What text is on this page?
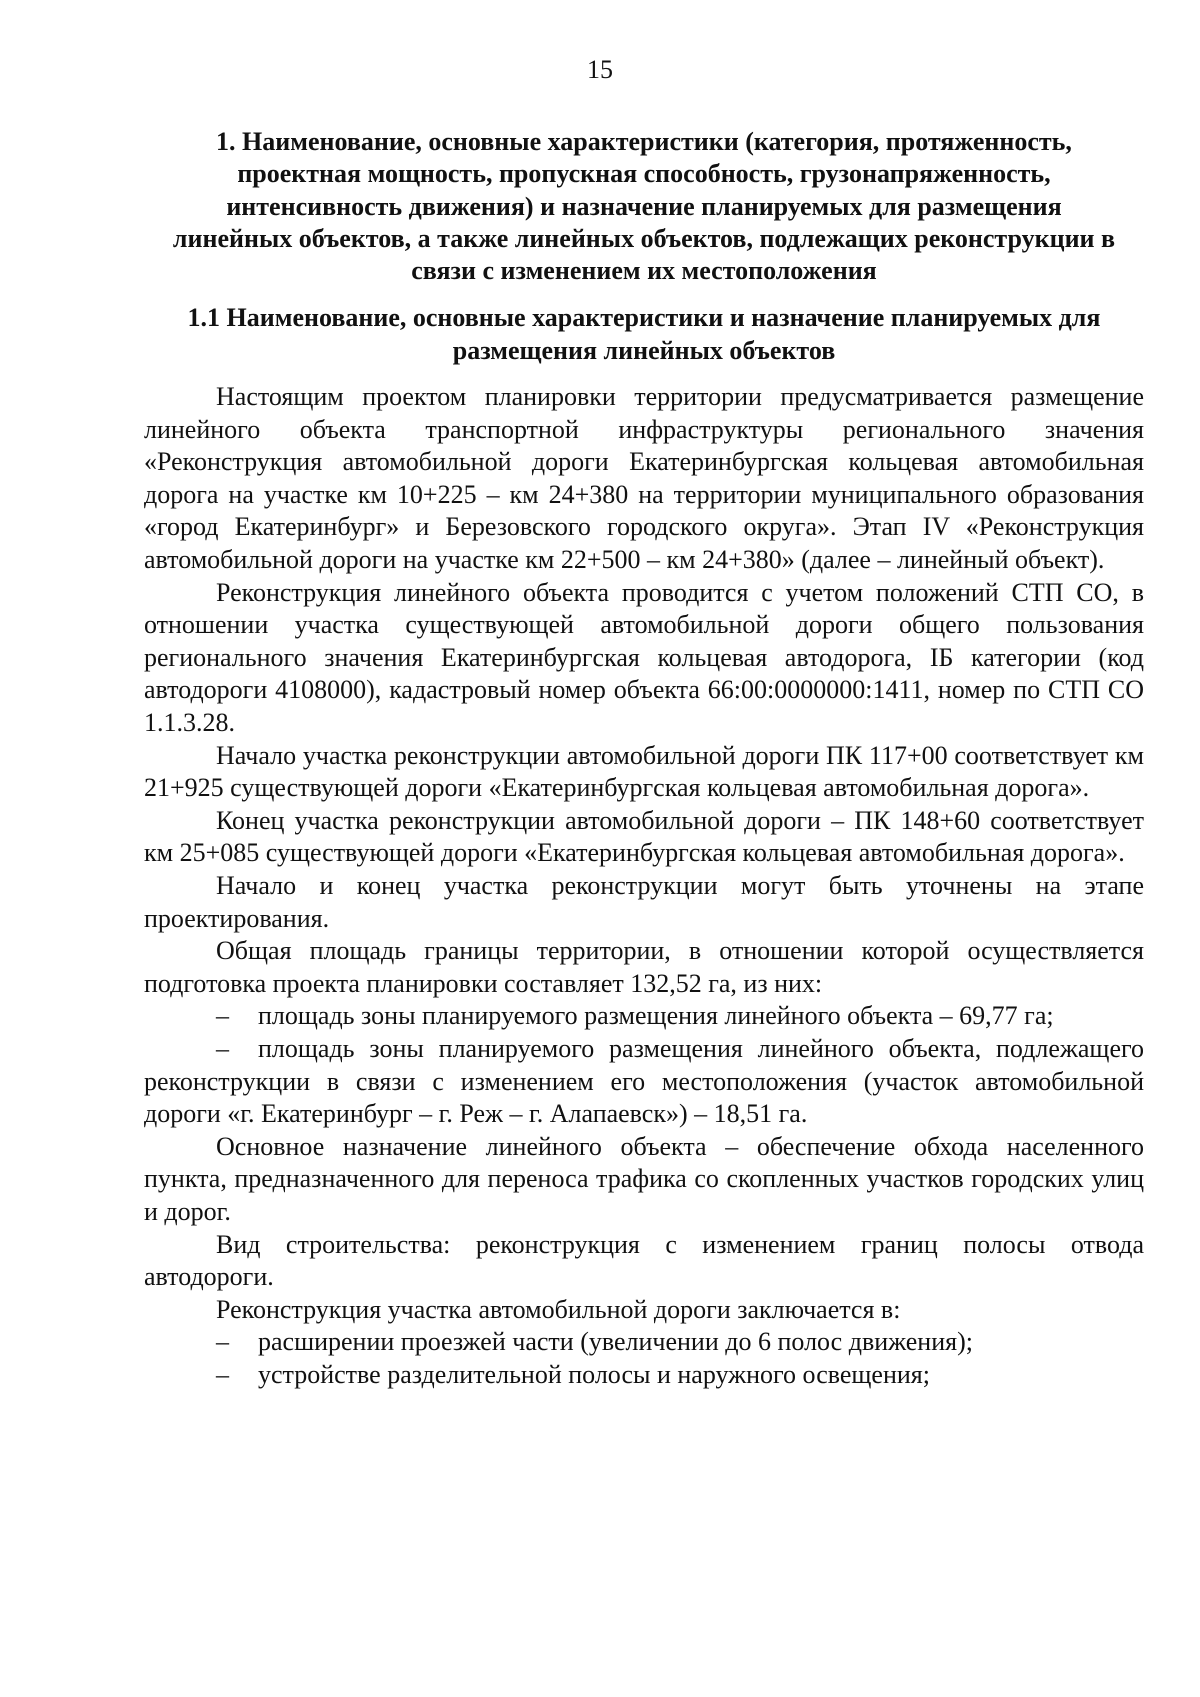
15

1. Наименование, основные характеристики (категория, протяженность, проектная мощность, пропускная способность, грузонапряженность, интенсивность движения) и назначение планируемых для размещения линейных объектов, а также линейных объектов, подлежащих реконструкции в связи с изменением их местоположения

1.1 Наименование, основные характеристики и назначение планируемых для размещения линейных объектов

Настоящим проектом планировки территории предусматривается размещение линейного объекта транспортной инфраструктуры регионального значения «Реконструкция автомобильной дороги Екатеринбургская кольцевая автомобильная дорога на участке км 10+225 – км 24+380 на территории муниципального образования «город Екатеринбург» и Березовского городского округа». Этап IV «Реконструкция автомобильной дороги на участке км 22+500 – км 24+380» (далее – линейный объект).

Реконструкция линейного объекта проводится с учетом положений СТП СО, в отношении участка существующей автомобильной дороги общего пользования регионального значения Екатеринбургская кольцевая автодорога, IБ категории (код автодороги 4108000), кадастровый номер объекта 66:00:0000000:1411, номер по СТП СО 1.1.3.28.

Начало участка реконструкции автомобильной дороги ПК 117+00 соответствует км 21+925 существующей дороги «Екатеринбургская кольцевая автомобильная дорога».

Конец участка реконструкции автомобильной дороги – ПК 148+60 соответствует км 25+085 существующей дороги «Екатеринбургская кольцевая автомобильная дорога».

Начало и конец участка реконструкции могут быть уточнены на этапе проектирования.

Общая площадь границы территории, в отношении которой осуществляется подготовка проекта планировки составляет 132,52 га, из них:

– площадь зоны планируемого размещения линейного объекта – 69,77 га;

– площадь зоны планируемого размещения линейного объекта, подлежащего реконструкции в связи с изменением его местоположения (участок автомобильной дороги «г. Екатеринбург – г. Реж – г. Алапаевск») – 18,51 га.

Основное назначение линейного объекта – обеспечение обхода населенного пункта, предназначенного для переноса трафика со скопленных участков городских улиц и дорог.

Вид строительства: реконструкция с изменением границ полосы отвода автодороги.

Реконструкция участка автомобильной дороги заключается в:

– расширении проезжей части (увеличении до 6 полос движения);

– устройстве разделительной полосы и наружного освещения;
